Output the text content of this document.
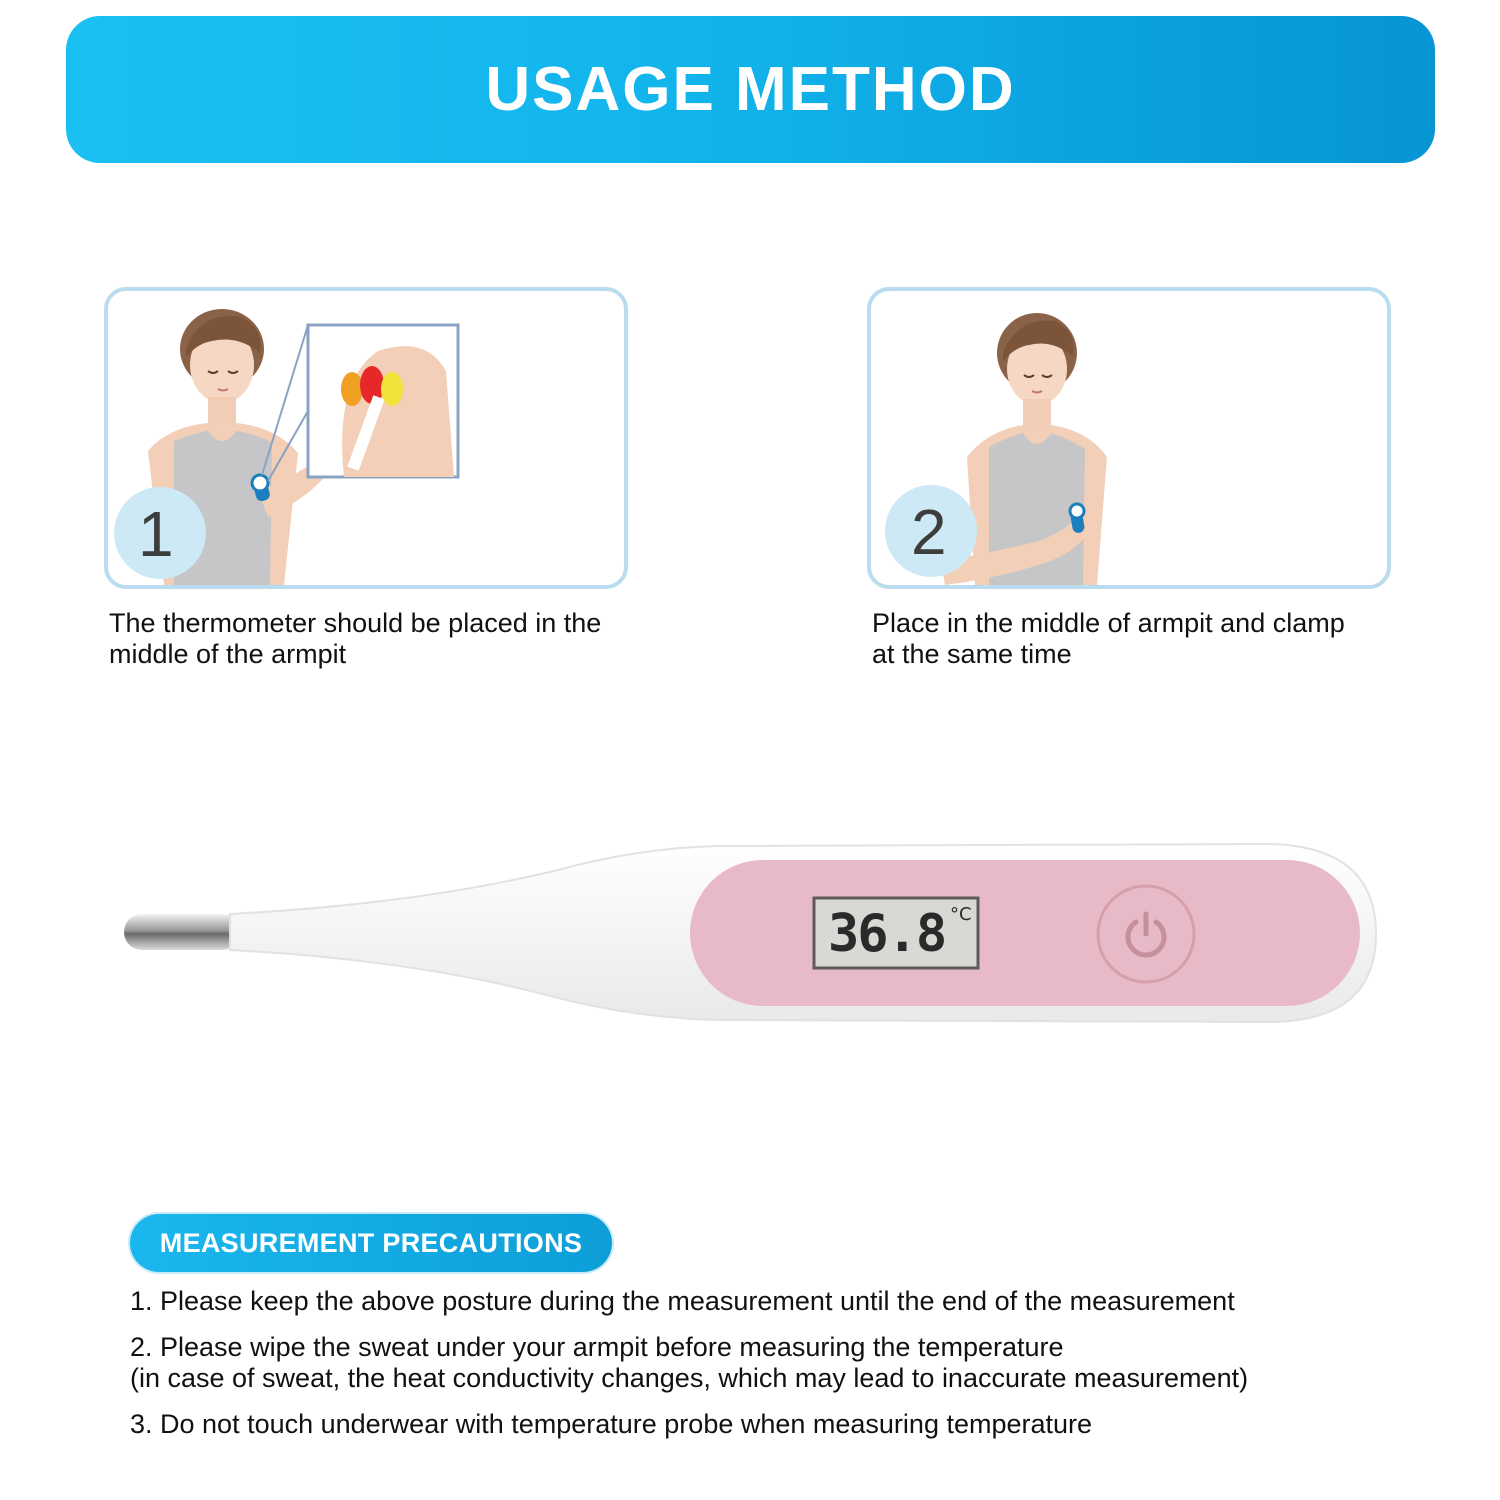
USAGE METHOD
1	2
The thermometer should be placed in the
middle of the armpit
Place in the middle of armpit and clamp
at the same time
36.8 °C
MEASUREMENT PRECAUTIONS
1. Please keep the above posture during the measurement until the end of the measurement
2. Please wipe the sweat under your armpit before measuring the temperature
(in case of sweat, the heat conductivity changes, which may lead to inaccurate measurement)
3. Do not touch underwear with temperature probe when measuring temperature
